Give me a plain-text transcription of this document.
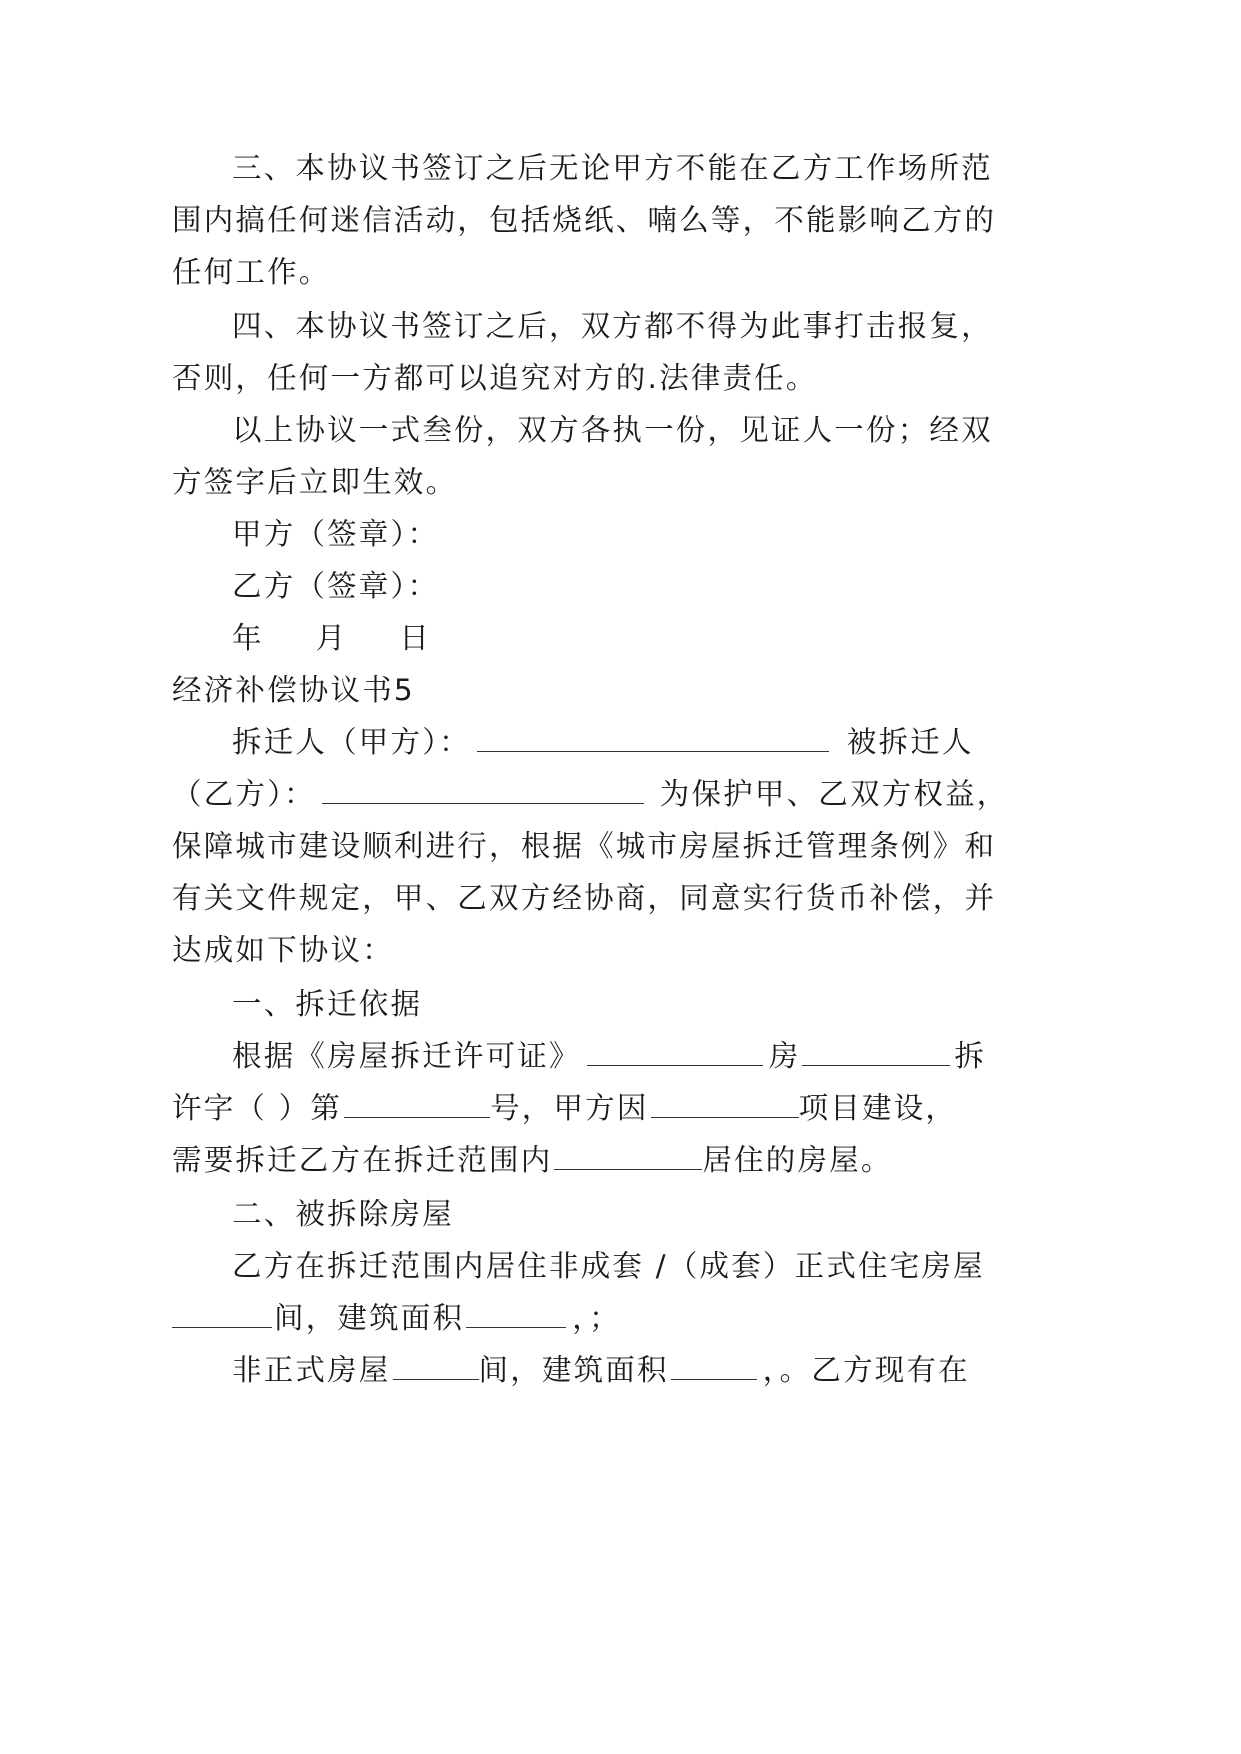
三、本协议书签订之后无论甲方不能在乙方工作场所范
围内搞任何迷信活动，包括烧纸、喃么等，不能影响乙方的
任何工作。
四、本协议书签订之后，双方都不得为此事打击报复，
否则，任何一方都可以追究对方的.法律责任。
以上协议一式叁份，双方各执一份，见证人一份；经双
方签字后立即生效。
甲方（签章）：
乙方（签章）：
年 月 日
经济补偿协议书5
拆迁人（甲方）：	被拆迁人
（乙方）：	为保护甲、乙双方权益，
保障城市建设顺利进行，根据《城市房屋拆迁管理条例》和
有关文件规定，甲、乙双方经协商，同意实行货币补偿，并
达成如下协议：
一、拆迁依据
根据《房屋拆迁许可证》	房	拆
许字（ ）第	号，甲方因	项目建设，
需要拆迁乙方在拆迁范围内	居住的房屋。
二、被拆除房屋
乙方在拆迁范围内居住非成套 /（成套）正式住宅房屋
间，建筑面积	，；
非正式房屋	间，建筑面积	，。乙方现有在
